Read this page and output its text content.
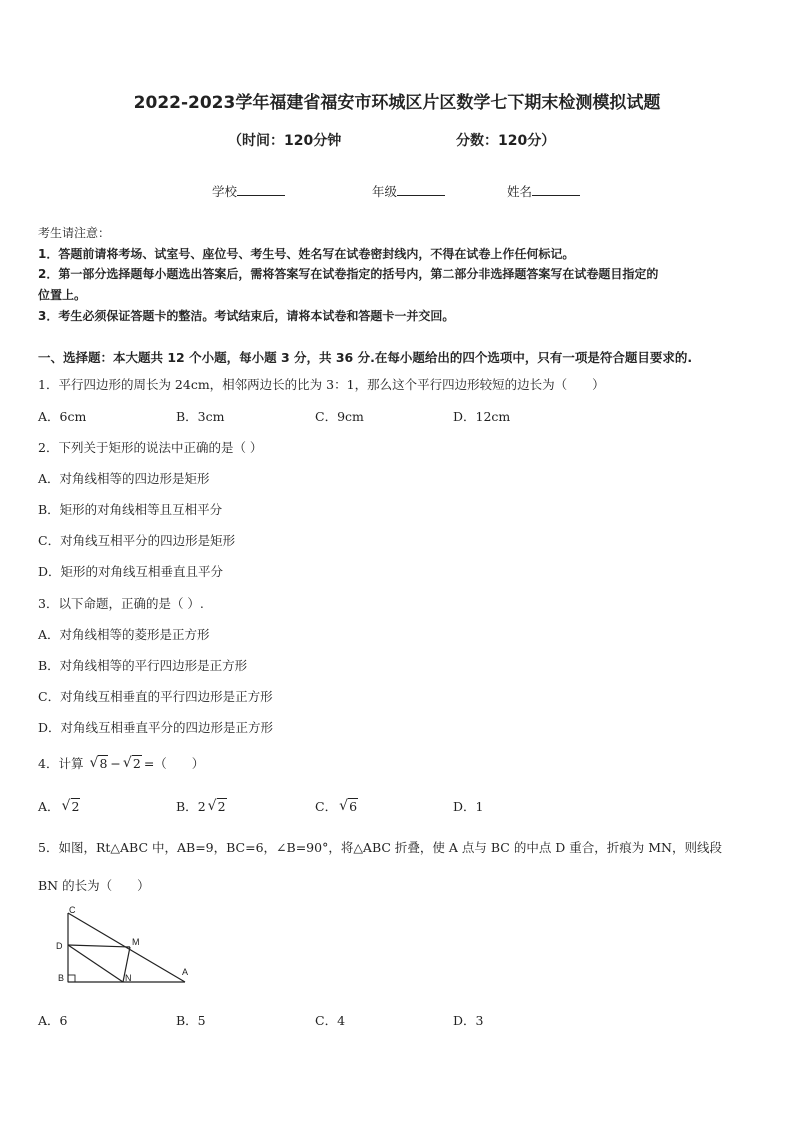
2022-2023学年福建省福安市环城区片区数学七下期末检测模拟试题
（时间：120分钟	分数：120分）
学校	年级	姓名
考生请注意：
1．答题前请将考场、试室号、座位号、考生号、姓名写在试卷密封线内，不得在试卷上作任何标记。
2．第一部分选择题每小题选出答案后，需将答案写在试卷指定的括号内，第二部分非选择题答案写在试卷题目指定的
位置上。
3．考生必须保证答题卡的整洁。考试结束后，请将本试卷和答题卡一并交回。
一、选择题：本大题共 12 个小题，每小题 3 分，共 36 分.在每小题给出的四个选项中，只有一项是符合题目要求的.
1．平行四边形的周长为 24cm，相邻两边长的比为 3：1，那么这个平行四边形较短的边长为（　　）
A．6cm	B．3cm	C．9cm	D．12cm
2．下列关于矩形的说法中正确的是（ ）
A．对角线相等的四边形是矩形
B．矩形的对角线相等且互相平分
C．对角线互相平分的四边形是矩形
D．矩形的对角线互相垂直且平分
3．以下命题，正确的是（ ）.
A．对角线相等的菱形是正方形
B．对角线相等的平行四边形是正方形
C．对角线互相垂直的平行四边形是正方形
D．对角线互相垂直平分的四边形是正方形
4．计算 √ 8 − √ 2 =（　　）
A． √ 2	B．2 √ 2	C． √ 6	D．1
5．如图，Rt△ABC 中，AB=9，BC=6，∠B=90°，将△ABC 折叠，使 A 点与 BC 的中点 D 重合，折痕为 MN，则线段
BN 的长为（　　）
C
D	M
B	N
A
A．6	B．5	C．4	D．3
